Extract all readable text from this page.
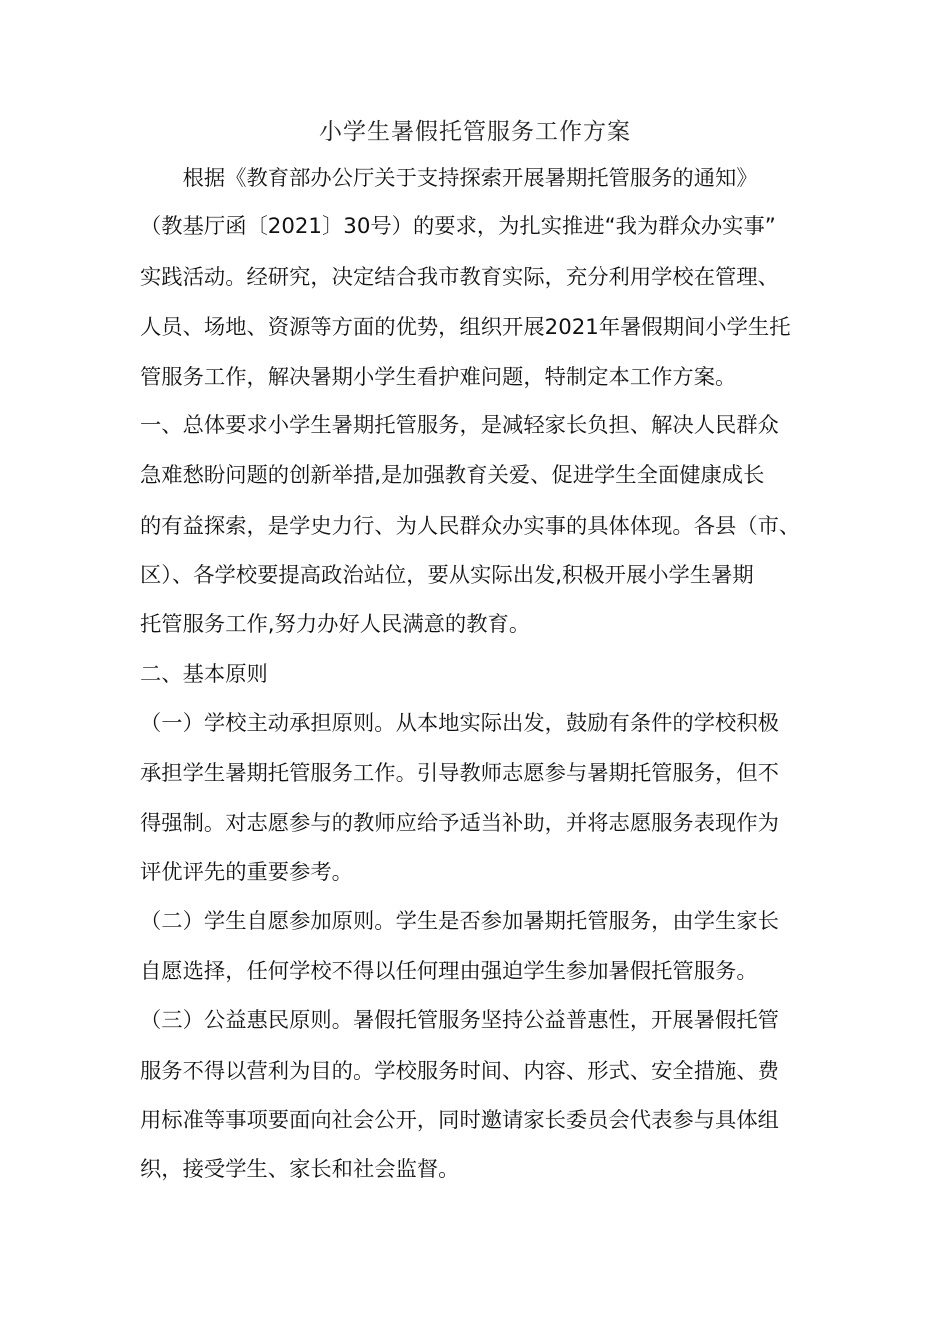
小学生暑假托管服务工作方案
　　根据《教育部办公厅关于支持探索开展暑期托管服务的通知》
（教基厅函〔2021〕30号）的要求，为扎实推进“我为群众办实事”
实践活动。经研究，决定结合我市教育实际，充分利用学校在管理、
人员、场地、资源等方面的优势，组织开展2021年暑假期间小学生托
管服务工作，解决暑期小学生看护难问题，特制定本工作方案。
一、总体要求小学生暑期托管服务，是减轻家长负担、解决人民群众
急难愁盼问题的创新举措,是加强教育关爱、促进学生全面健康成长
的有益探索，是学史力行、为人民群众办实事的具体体现。各县（市、
区）、各学校要提高政治站位，要从实际出发,积极开展小学生暑期
托管服务工作,努力办好人民满意的教育。
二、基本原则
（一）学校主动承担原则。从本地实际出发，鼓励有条件的学校积极
承担学生暑期托管服务工作。引导教师志愿参与暑期托管服务，但不
得强制。对志愿参与的教师应给予适当补助，并将志愿服务表现作为
评优评先的重要参考。
（二）学生自愿参加原则。学生是否参加暑期托管服务，由学生家长
自愿选择，任何学校不得以任何理由强迫学生参加暑假托管服务。
（三）公益惠民原则。暑假托管服务坚持公益普惠性，开展暑假托管
服务不得以营利为目的。学校服务时间、内容、形式、安全措施、费
用标准等事项要面向社会公开，同时邀请家长委员会代表参与具体组
织，接受学生、家长和社会监督。
